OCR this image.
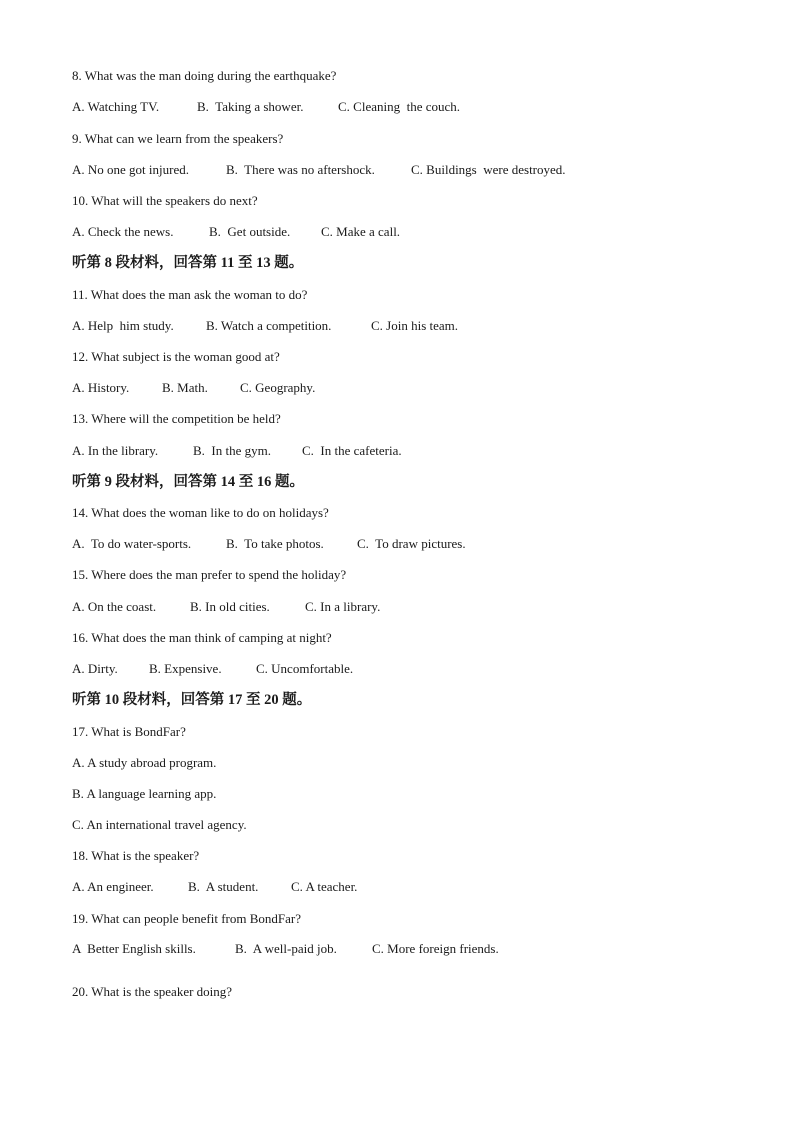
8. What was the man doing during the earthquake?
A. Watching TV.	B.  Taking a shower.	C. Cleaning  the couch.
9. What can we learn from the speakers?
A. No one got injured.	B.  There was no aftershock.	C. Buildings  were destroyed.
10. What will the speakers do next?
A. Check the news.	B.  Get outside. C. Make a call.
听第 8 段材料，回答第 11 至 13 题。
11. What does the man ask the woman to do?
A. Help  him study. B. Watch a competition.	C. Join his team.
12. What subject is the woman good at?
A. History.	B. Math. C. Geography.
13. Where will the competition be held?
A. In the library.	B.  In the gym. C.  In the cafeteria.
听第 9 段材料，回答第 14 至 16 题。
14. What does the woman like to do on holidays?
A.  To do water-sports.	B.  To take photos.	C.  To draw pictures.
15. Where does the man prefer to spend the holiday?
A. On the coast.	B. In old cities.	C. In a library.
16. What does the man think of camping at night?
A. Dirty. B. Expensive.	C. Uncomfortable.
听第 10 段材料，回答第 17 至 20 题。
17. What is BondFar?
A. A study abroad program.
B. A language learning app.
C. An international travel agency.
18. What is the speaker?
A. An engineer.	B.  A student.	C. A teacher.
19. What can people benefit from BondFar?
A  Better English skills.	B.  A well-paid job.	C. More foreign friends.
20. What is the speaker doing?
